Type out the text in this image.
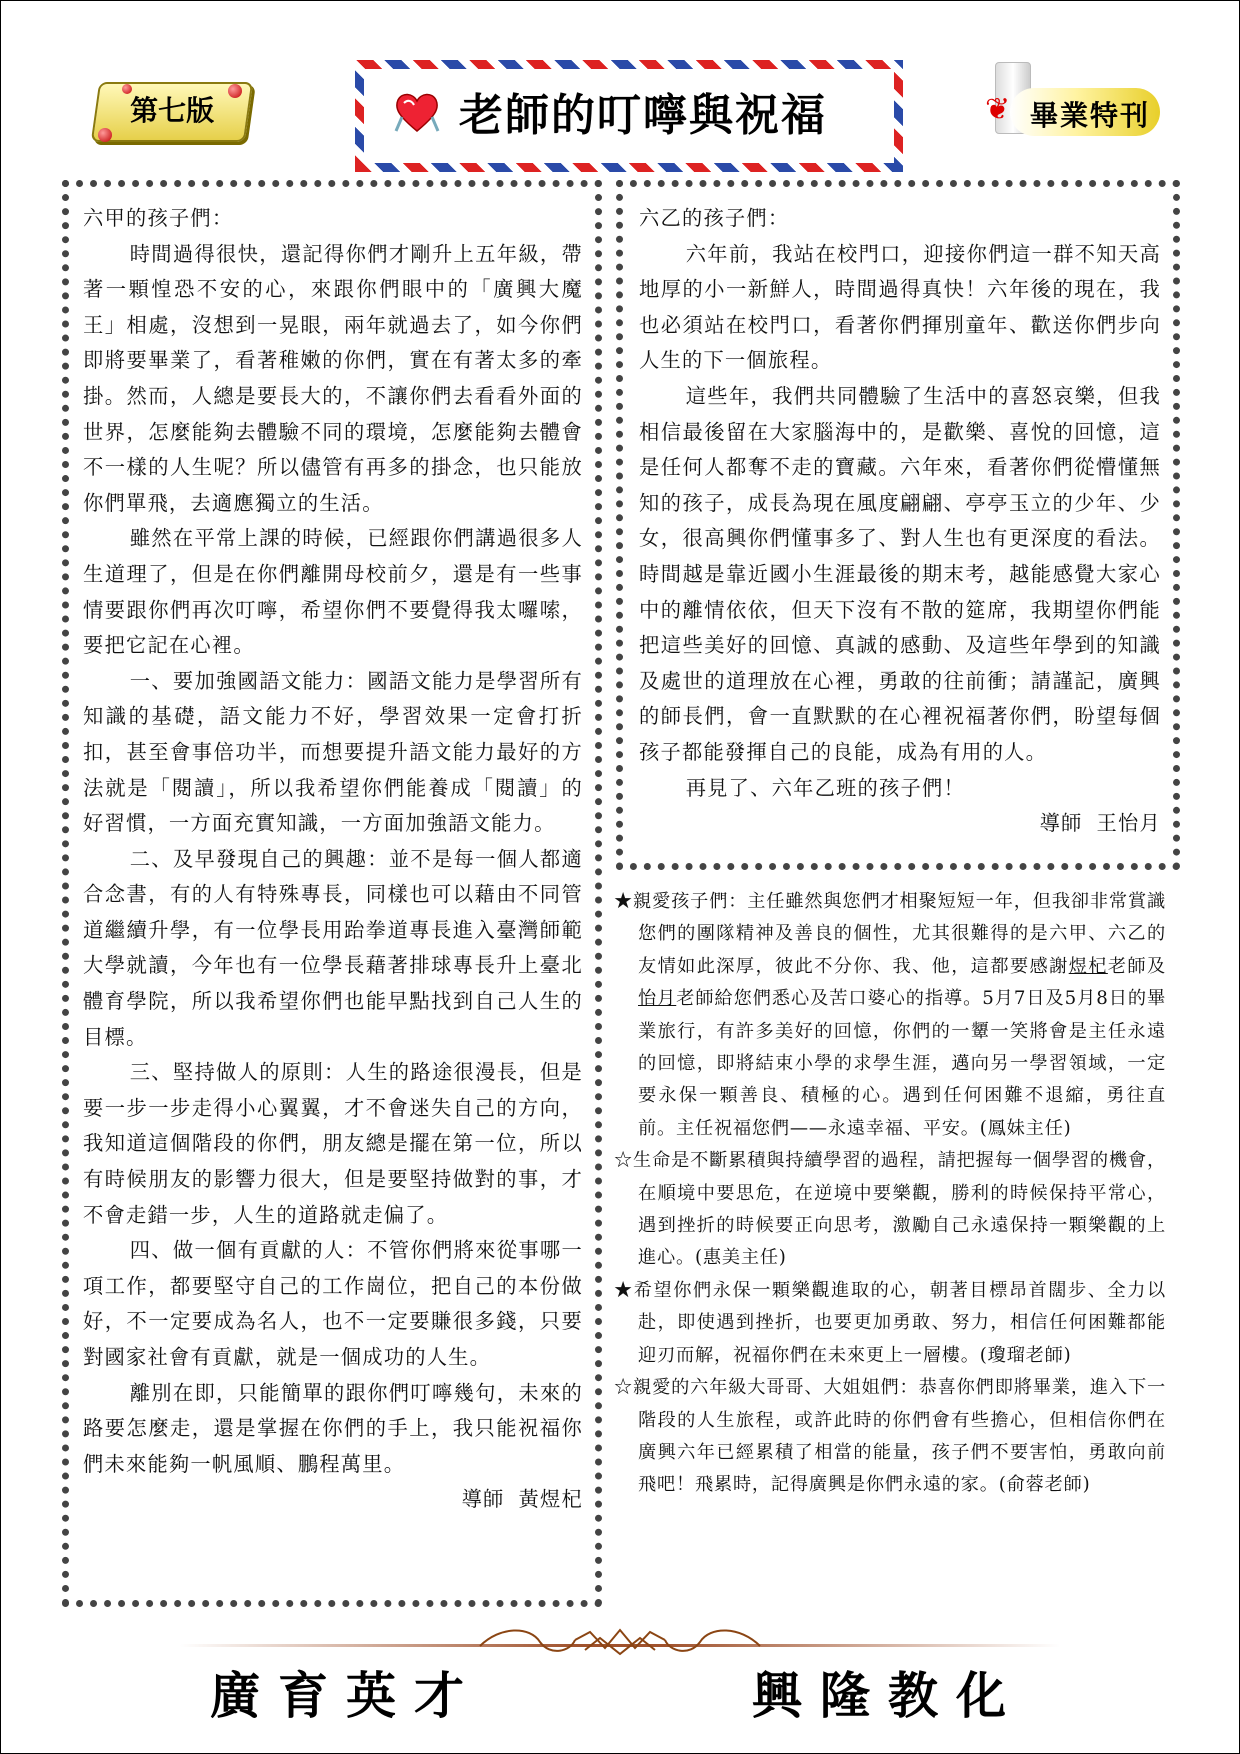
第七版	老師的叮嚀與祝福	❦ 畢業特刊

六甲的孩子們：

時間過得很快，還記得你們才剛升上五年級，帶著一顆惶恐不安的心，來跟你們眼中的「廣興大魔王」相處，沒想到一晃眼，兩年就過去了，如今你們即將要畢業了，看著稚嫩的你們，實在有著太多的牽掛。然而，人總是要長大的，不讓你們去看看外面的世界，怎麼能夠去體驗不同的環境，怎麼能夠去體會不一樣的人生呢？所以儘管有再多的掛念，也只能放你們單飛，去適應獨立的生活。

雖然在平常上課的時候，已經跟你們講過很多人生道理了，但是在你們離開母校前夕，還是有一些事情要跟你們再次叮嚀，希望你們不要覺得我太囉嗦，要把它記在心裡。

一、要加強國語文能力：國語文能力是學習所有知識的基礎，語文能力不好，學習效果一定會打折扣，甚至會事倍功半，而想要提升語文能力最好的方法就是「閱讀」，所以我希望你們能養成「閱讀」的好習慣，一方面充實知識，一方面加強語文能力。

二、及早發現自己的興趣：並不是每一個人都適合念書，有的人有特殊專長，同樣也可以藉由不同管道繼續升學，有一位學長用跆拳道專長進入臺灣師範大學就讀，今年也有一位學長藉著排球專長升上臺北體育學院，所以我希望你們也能早點找到自己人生的目標。

三、堅持做人的原則：人生的路途很漫長，但是要一步一步走得小心翼翼，才不會迷失自己的方向，我知道這個階段的你們，朋友總是擺在第一位，所以有時候朋友的影響力很大，但是要堅持做對的事，才不會走錯一步，人生的道路就走偏了。

四、做一個有貢獻的人：不管你們將來從事哪一項工作，都要堅守自己的工作崗位，把自己的本份做好，不一定要成為名人，也不一定要賺很多錢，只要對國家社會有貢獻，就是一個成功的人生。

離別在即，只能簡單的跟你們叮嚀幾句，未來的路要怎麼走，還是掌握在你們的手上，我只能祝福你們未來能夠一帆風順、鵬程萬里。

導師 黃煜杞

六乙的孩子們：

六年前，我站在校門口，迎接你們這一群不知天高地厚的小一新鮮人，時間過得真快！六年後的現在，我也必須站在校門口，看著你們揮別童年、歡送你們步向人生的下一個旅程。

這些年，我們共同體驗了生活中的喜怒哀樂，但我相信最後留在大家腦海中的，是歡樂、喜悅的回憶，這是任何人都奪不走的寶藏。六年來，看著你們從懵懂無知的孩子，成長為現在風度翩翩、亭亭玉立的少年、少女，很高興你們懂事多了、對人生也有更深度的看法。時間越是靠近國小生涯最後的期末考，越能感覺大家心中的離情依依，但天下沒有不散的筵席，我期望你們能把這些美好的回憶、真誠的感動、及這些年學到的知識及處世的道理放在心裡，勇敢的往前衝；請謹記，廣興的師長們，會一直默默的在心裡祝福著你們，盼望每個孩子都能發揮自己的良能，成為有用的人。

再見了、六年乙班的孩子們！

導師 王怡月

★親愛孩子們：主任雖然與您們才相聚短短一年，但我卻非常賞識您們的團隊精神及善良的個性，尤其很難得的是六甲、六乙的友情如此深厚，彼此不分你、我、他，這都要感謝煜杞老師及怡月老師給您們悉心及苦口婆心的指導。5月7日及5月8日的畢業旅行，有許多美好的回憶，你們的一顰一笑將會是主任永遠的回憶，即將結束小學的求學生涯，邁向另一學習領域，一定要永保一顆善良、積極的心。遇到任何困難不退縮，勇往直前。主任祝福您們——永遠幸福、平安。(鳳妹主任)
☆生命是不斷累積與持續學習的過程，請把握每一個學習的機會，在順境中要思危，在逆境中要樂觀，勝利的時候保持平常心，遇到挫折的時候要正向思考，激勵自己永遠保持一顆樂觀的上進心。(惠美主任)
★希望你們永保一顆樂觀進取的心，朝著目標昂首闊步、全力以赴，即使遇到挫折，也要更加勇敢、努力，相信任何困難都能迎刃而解，祝福你們在未來更上一層樓。(瓊瑠老師)
☆親愛的六年級大哥哥、大姐姐們：恭喜你們即將畢業，進入下一階段的人生旅程，或許此時的你們會有些擔心，但相信你們在廣興六年已經累積了相當的能量，孩子們不要害怕，勇敢向前飛吧！飛累時，記得廣興是你們永遠的家。(俞蓉老師)
廣育英才	興隆教化
